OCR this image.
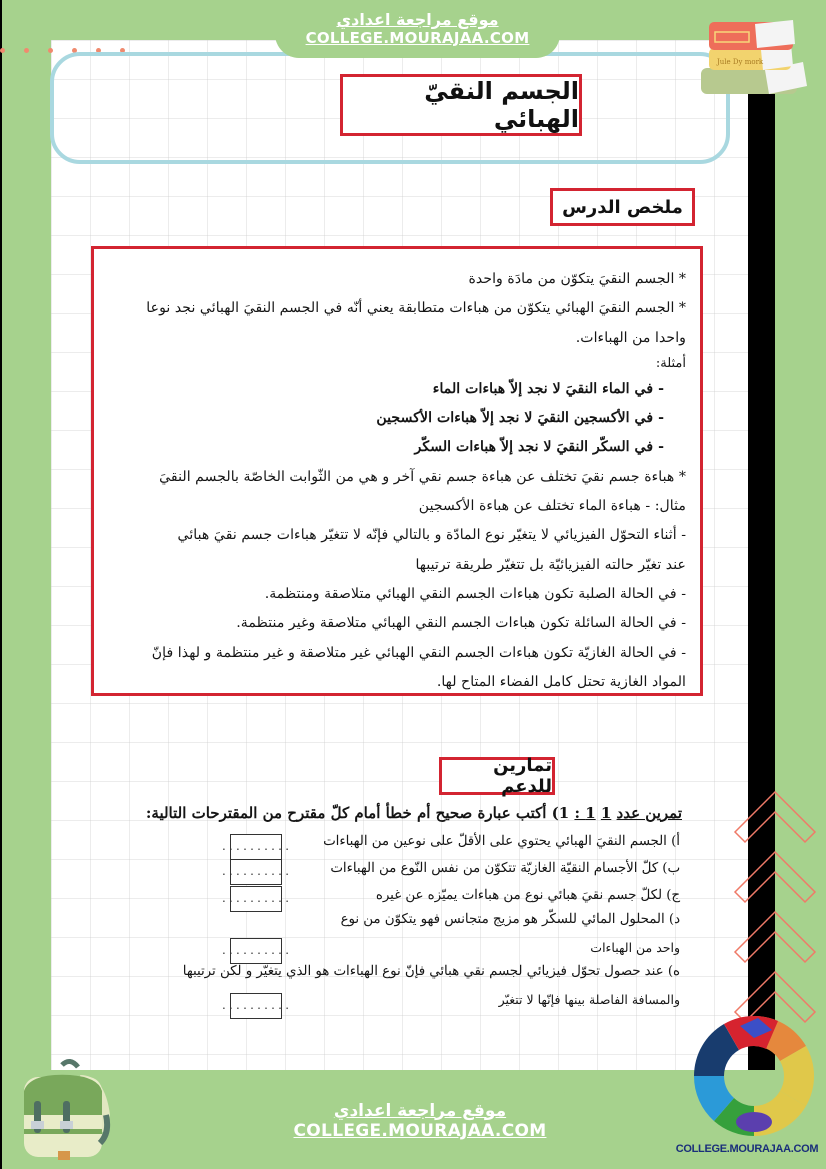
موقع مراجعة اعدادي
COLLEGE.MOURAJAA.COM
Jule Dy mork
الجسم النقيّ الهبائي
ملخص الدرس

* الجسم النقيَ يتكوّن من مادَة واحدة

* الجسم النقيَ الهبائي يتكوّن من هباءات متطابقة يعني أنّه في الجسم النقيَ الهبائي نجد نوعا

واحدا من الهباءات.

أمثلة:

- في الماء النقيَ لا نجد إلاّ هباءات الماء

- في الأكسجين النقيَ لا نجد إلاّ هباءات الأكسجين

- في السكّر النقيَ لا نجد إلاّ هباءات السكّر

* هباءة جسم نقيَ تختلف عن هباءة جسم نقي آخر و هي من الثّوابت الخاصّة بالجسم النقيَ

مثال: - هباءة الماء تختلف عن هباءة الأكسجين

- أثناء التحوّل الفيزيائي لا يتغيّر نوع المادّة و بالتالي فإنّه لا تتغيّر هباءات جسم نقيَ هبائي

عند تغيّر حالته الفيزيائيّة بل تتغيّر طريقة ترتيبها

- في الحالة الصلبة تكون هباءات الجسم النقي الهبائي متلاصقة ومنتظمة.

- في الحالة السائلة تكون هباءات الجسم النقي الهبائي متلاصقة وغير منتظمة.

- في الحالة الغازيّة تكون هباءات الجسم النقي الهبائي غير متلاصقة و غير منتظمة و لهذا فإنّ

المواد الغازية تحتل كامل الفضاء المتاح لها.

تمارين للدعم
تمرين عدد 1 1 : 1) أكتب عبارة صحيح أم خطأ أمام كلّ مقترح من المقترحات التالية:
أ) الجسم النقيَ الهبائي يحتوي على الأقلّ على نوعين من الهباءات
ب) كلّ الأجسام النقيّة الغازيّة تتكوّن من نفس النّوع من الهباءات
ج) لكلّ جسم نقيَ هبائي نوع من هباءات يميّزه عن غيره
د) المحلول المائي للسكّر هو مزيج متجانس فهو يتكوّن من نوع
واحد من الهباءات
ه) عند حصول تحوّل فيزيائي لجسم نقي هبائي فإنّ نوع الهباءات هو الذي يتغيّر و لكن ترتيبها
والمسافة الفاصلة بينها فإنّها لا تتغيّر
..........
..........
..........
..........
..........
COLLEGE.MOURAJAA.COM
موقع مراجعة اعدادي
COLLEGE.MOURAJAA.COM
